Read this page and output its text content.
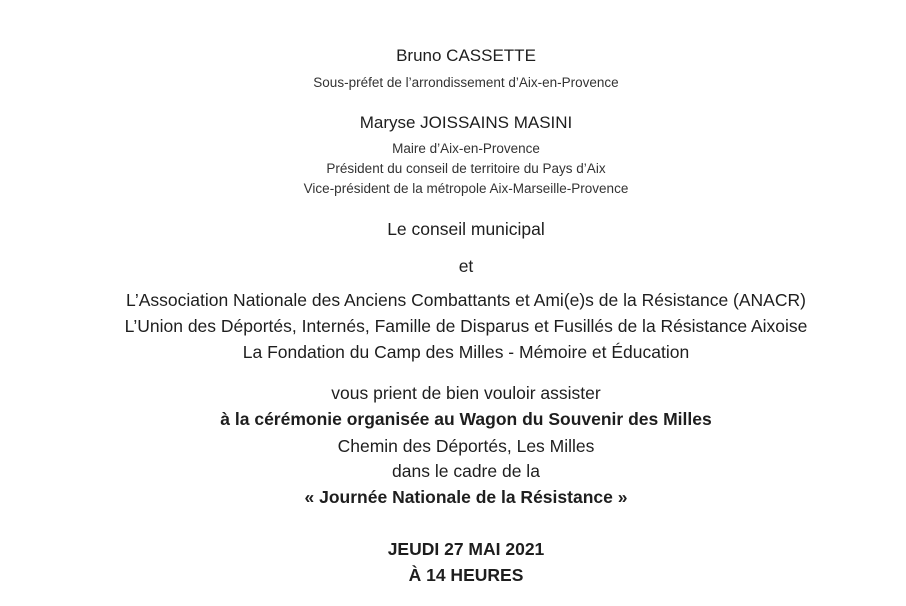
Bruno CASSETTE
Sous-préfet de l’arrondissement d’Aix-en-Provence
Maryse JOISSAINS MASINI
Maire d’Aix-en-Provence
Président du conseil de territoire du Pays d’Aix
Vice-président de la métropole Aix-Marseille-Provence
Le conseil municipal
et
L’Association Nationale des Anciens Combattants et Ami(e)s de la Résistance (ANACR)
L’Union des Déportés, Internés, Famille de Disparus et Fusillés de la Résistance Aixoise
La Fondation du Camp des Milles - Mémoire et Éducation
vous prient de bien vouloir assister
à la cérémonie organisée au Wagon du Souvenir des Milles
Chemin des Déportés, Les Milles
dans le cadre de la
« Journée Nationale de la Résistance »
JEUDI 27 MAI 2021
À 14 HEURES
